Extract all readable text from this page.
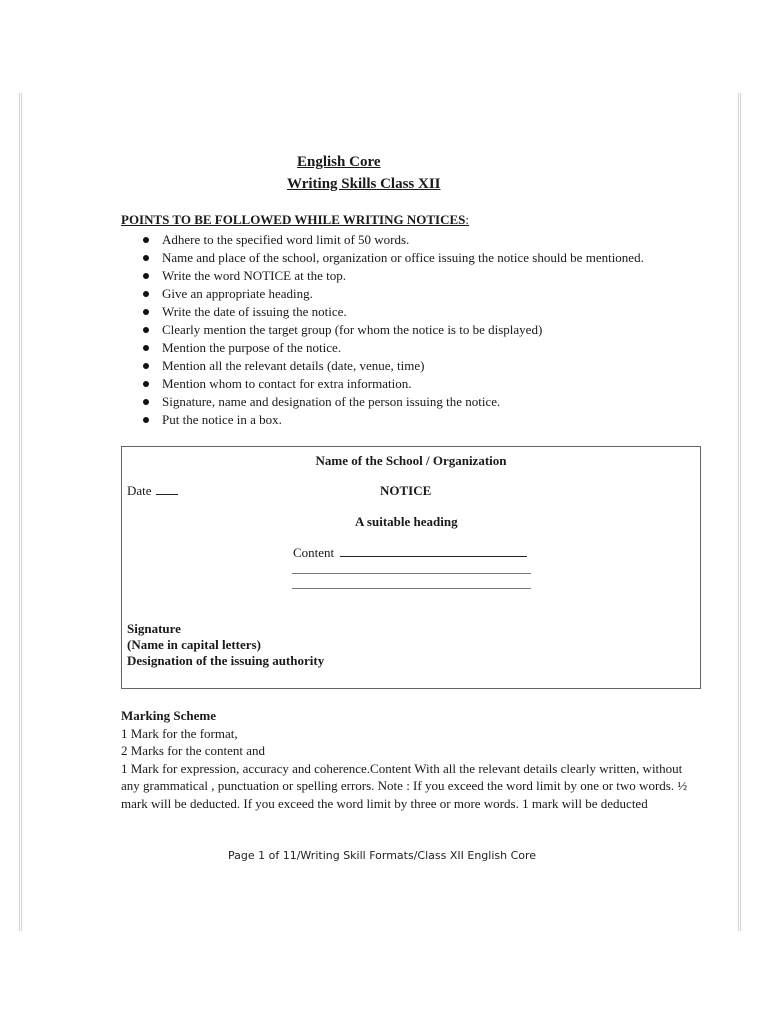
English Core
Writing Skills Class XII
POINTS TO BE FOLLOWED WHILE WRITING NOTICES:
Adhere to the specified word limit of 50 words.
Name and place of the school, organization or office issuing the notice should be mentioned.
Write the word NOTICE at the top.
Give an appropriate heading.
Write the date of issuing the notice.
Clearly mention the target group (for whom the notice is to be displayed)
Mention the purpose of the notice.
Mention all the relevant details (date, venue, time)
Mention whom to contact for extra information.
Signature, name and designation of the person issuing the notice.
Put the notice in a box.
Name of the School / Organization
Date	NOTICE
A suitable heading
Content
Signature
(Name in capital letters)
Designation of the issuing authority
Marking Scheme
1 Mark for the format,
2 Marks for the content and
1 Mark for expression, accuracy and coherence.Content With all the relevant details clearly written, without any grammatical , punctuation or spelling errors. Note : If you exceed the word limit by one or two words. ½ mark will be deducted. If you exceed the word limit by three or more words. 1 mark will be deducted
Page 1 of 11/Writing Skill Formats/Class XII English Core
